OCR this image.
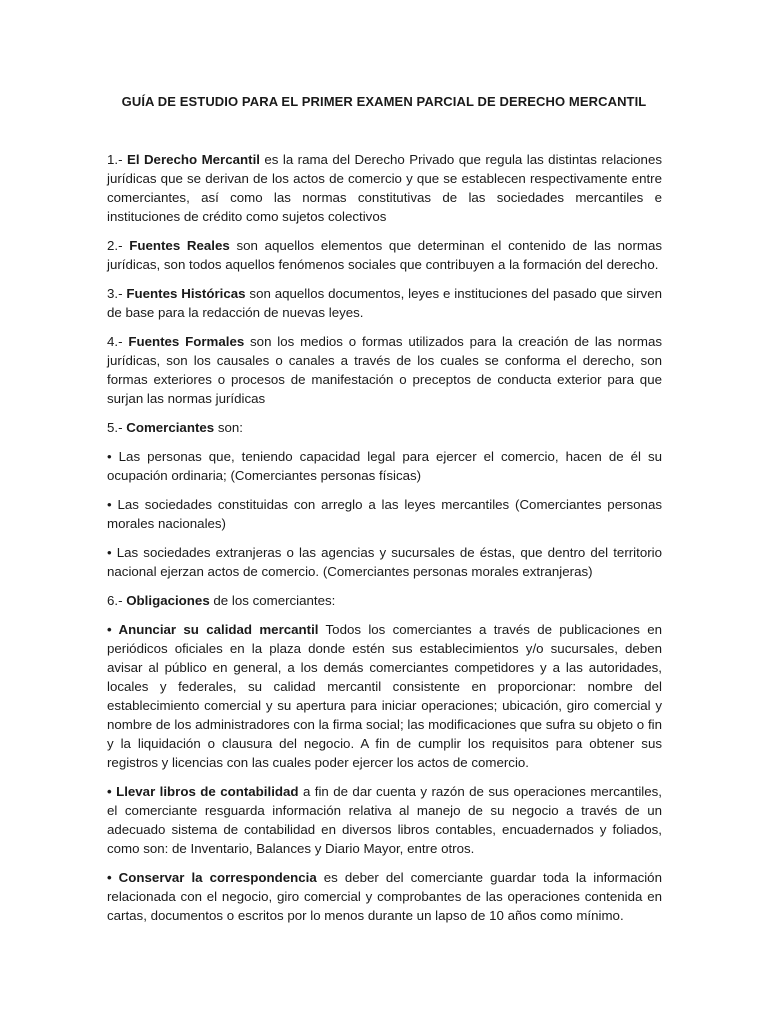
GUÍA DE ESTUDIO PARA EL PRIMER EXAMEN PARCIAL DE DERECHO MERCANTIL

1.- El Derecho Mercantil es la rama del Derecho Privado que regula las distintas relaciones jurídicas que se derivan de los actos de comercio y que se establecen respectivamente entre comerciantes, así como las normas constitutivas de las sociedades mercantiles e instituciones de crédito como sujetos colectivos

2.- Fuentes Reales son aquellos elementos que determinan el contenido de las normas jurídicas, son todos aquellos fenómenos sociales que contribuyen a la formación del derecho.

3.- Fuentes Históricas son aquellos documentos, leyes e instituciones del pasado que sirven de base para la redacción de nuevas leyes.

4.- Fuentes Formales son los medios o formas utilizados para la creación de las normas jurídicas, son los causales o canales a través de los cuales se conforma el derecho, son formas exteriores o procesos de manifestación o preceptos de conducta exterior para que surjan las normas jurídicas

5.- Comerciantes son:

• Las personas que, teniendo capacidad legal para ejercer el comercio, hacen de él su ocupación ordinaria; (Comerciantes personas físicas)

• Las sociedades constituidas con arreglo a las leyes mercantiles (Comerciantes personas morales nacionales)

• Las sociedades extranjeras o las agencias y sucursales de éstas, que dentro del territorio nacional ejerzan actos de comercio. (Comerciantes personas morales extranjeras)

6.- Obligaciones de los comerciantes:

• Anunciar su calidad mercantil Todos los comerciantes a través de publicaciones en periódicos oficiales en la plaza donde estén sus establecimientos y/o sucursales, deben avisar al público en general, a los demás comerciantes competidores y a las autoridades, locales y federales, su calidad mercantil consistente en proporcionar: nombre del establecimiento comercial y su apertura para iniciar operaciones; ubicación, giro comercial y nombre de los administradores con la firma social; las modificaciones que sufra su objeto o fin y la liquidación o clausura del negocio. A fin de cumplir los requisitos para obtener sus registros y licencias con las cuales poder ejercer los actos de comercio.

• Llevar libros de contabilidad a fin de dar cuenta y razón de sus operaciones mercantiles, el comerciante resguarda información relativa al manejo de su negocio a través de un adecuado sistema de contabilidad en diversos libros contables, encuadernados y foliados, como son: de Inventario, Balances y Diario Mayor, entre otros.

• Conservar la correspondencia es deber del comerciante guardar toda la información relacionada con el negocio, giro comercial y comprobantes de las operaciones contenida en cartas, documentos o escritos por lo menos durante un lapso de 10 años como mínimo.
